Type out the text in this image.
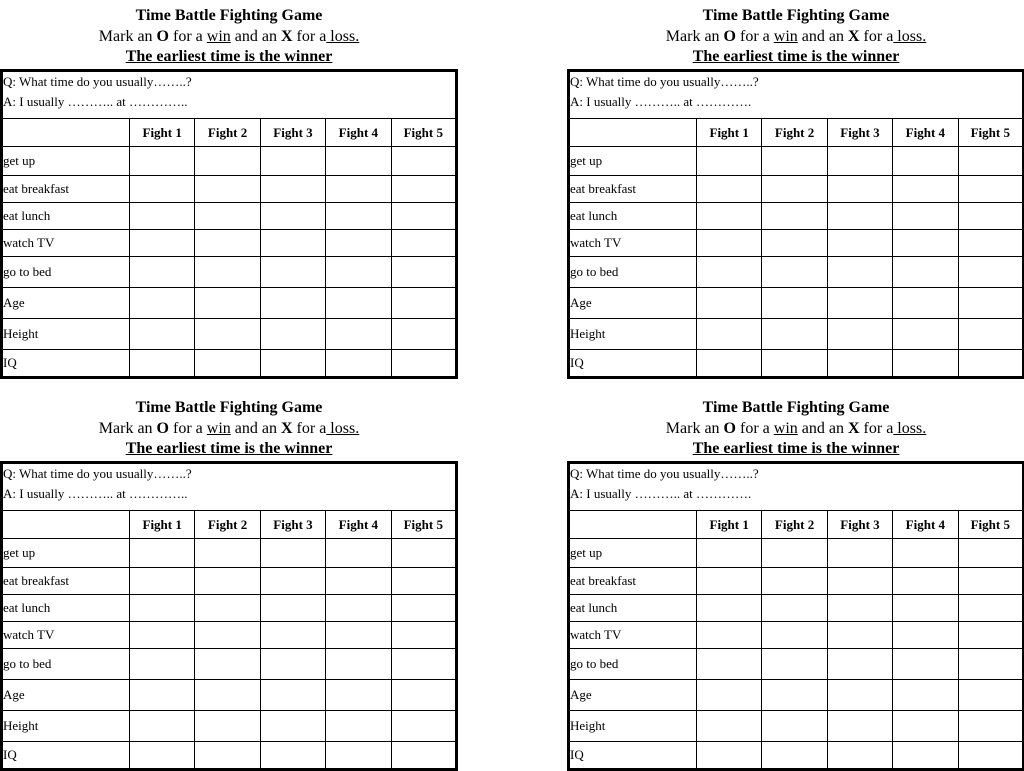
Time Battle Fighting Game
Mark an O for a win and an X for a loss.
The earliest time is the winner
Q: What time do you usually……..?
A: I usually ……….. at …………..					

	Fight 1	Fight 2	Fight 3	Fight 4	Fight 5
get up					
eat breakfast					
eat lunch					
watch TV					
go to bed					
Age					
Height					
IQ					
Time Battle Fighting Game
Mark an O for a win and an X for a loss.
The earliest time is the winner
Q: What time do you usually……..?
A: I usually ……….. at ………….					

	Fight 1	Fight 2	Fight 3	Fight 4	Fight 5
get up					
eat breakfast					
eat lunch					
watch TV					
go to bed					
Age					
Height					
IQ					
Time Battle Fighting Game
Mark an O for a win and an X for a loss.
The earliest time is the winner
Q: What time do you usually……..?
A: I usually ……….. at …………..					

	Fight 1	Fight 2	Fight 3	Fight 4	Fight 5
get up					
eat breakfast					
eat lunch					
watch TV					
go to bed					
Age					
Height					
IQ					
Time Battle Fighting Game
Mark an O for a win and an X for a loss.
The earliest time is the winner
Q: What time do you usually……..?
A: I usually ……….. at ………….					

	Fight 1	Fight 2	Fight 3	Fight 4	Fight 5
get up					
eat breakfast					
eat lunch					
watch TV					
go to bed					
Age					
Height					
IQ					
